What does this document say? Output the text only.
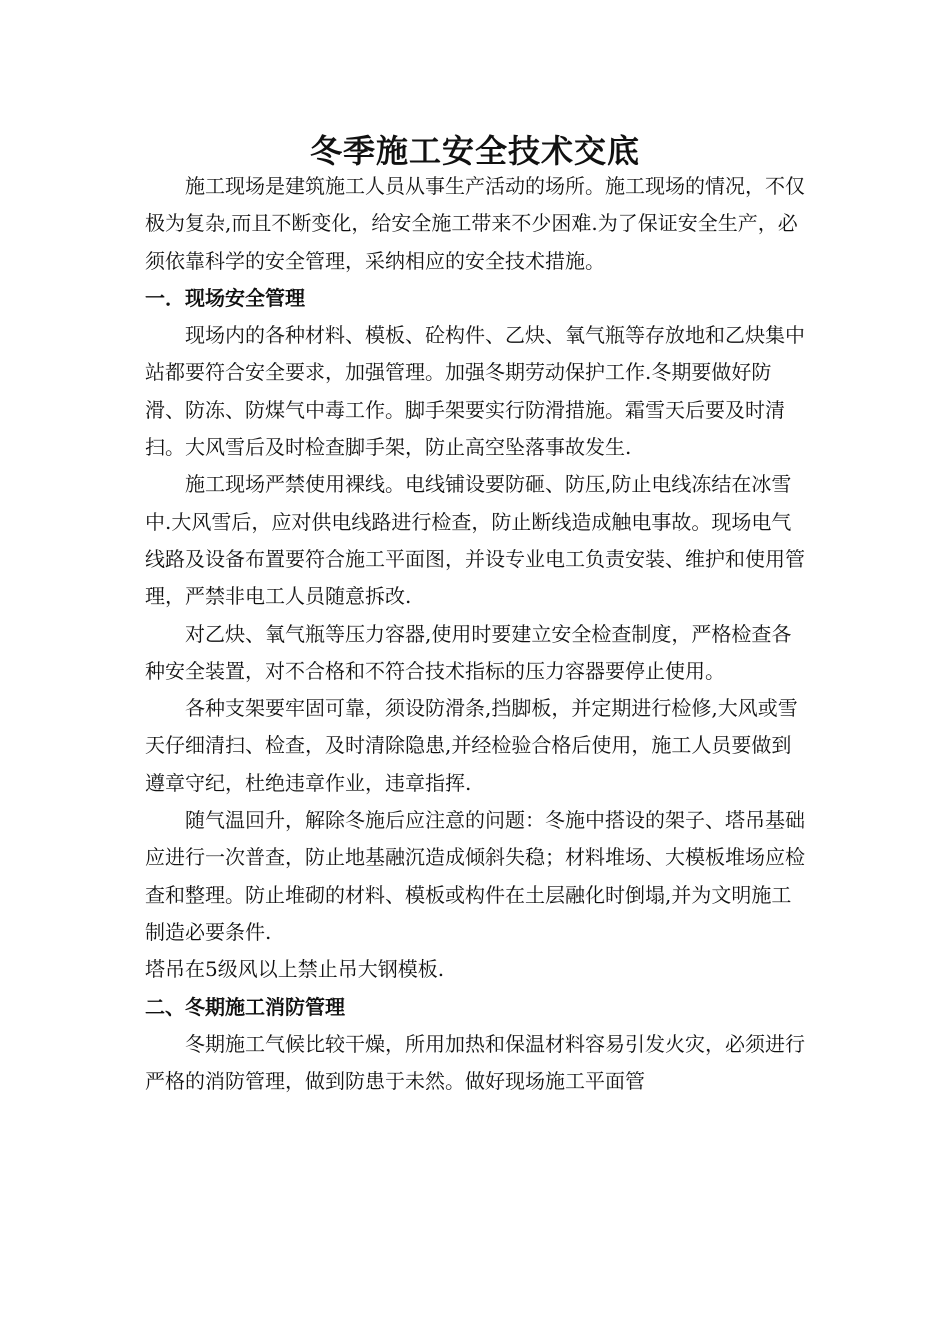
冬季施工安全技术交底

施工现场是建筑施工人员从事生产活动的场所。施工现场的情况，不仅极为复杂,而且不断变化，给安全施工带来不少困难.为了保证安全生产，必须依靠科学的安全管理，采纳相应的安全技术措施。

一．现场安全管理

现场内的各种材料、模板、砼构件、乙炔、氧气瓶等存放地和乙炔集中站都要符合安全要求，加强管理。加强冬期劳动保护工作.冬期要做好防滑、防冻、防煤气中毒工作。脚手架要实行防滑措施。霜雪天后要及时清扫。大风雪后及时检查脚手架，防止高空坠落事故发生.

施工现场严禁使用裸线。电线铺设要防砸、防压,防止电线冻结在冰雪中.大风雪后，应对供电线路进行检查，防止断线造成触电事故。现场电气线路及设备布置要符合施工平面图，并设专业电工负责安装、维护和使用管理，严禁非电工人员随意拆改.

对乙炔、氧气瓶等压力容器,使用时要建立安全检查制度，严格检查各种安全装置，对不合格和不符合技术指标的压力容器要停止使用。

各种支架要牢固可靠，须设防滑条,挡脚板，并定期进行检修,大风或雪天仔细清扫、检查，及时清除隐患,并经检验合格后使用，施工人员要做到遵章守纪，杜绝违章作业，违章指挥.

随气温回升，解除冬施后应注意的问题：冬施中搭设的架子、塔吊基础应进行一次普查，防止地基融沉造成倾斜失稳；材料堆场、大模板堆场应检查和整理。防止堆砌的材料、模板或构件在土层融化时倒塌,并为文明施工制造必要条件.

塔吊在5级风以上禁止吊大钢模板.

二、冬期施工消防管理

冬期施工气候比较干燥，所用加热和保温材料容易引发火灾，必须进行严格的消防管理，做到防患于未然。做好现场施工平面管
